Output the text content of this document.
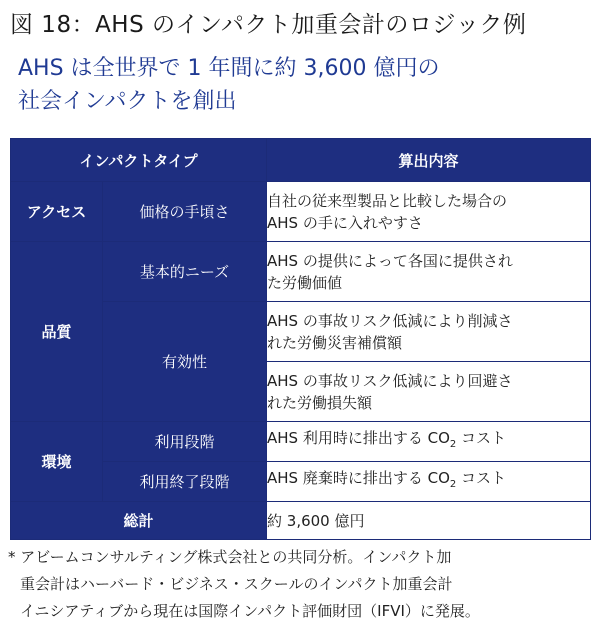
図 18：AHS のインパクト加重会計のロジック例
AHS は全世界で 1 年間に約 3,600 億円の
社会インパクトを創出
インパクトタイプ		算出内容
アクセス	価格の手頃さ	自社の従来型製品と比較した場合の
AHS の手に入れやすさ

品質	基本的ニーズ	AHS の提供によって各国に提供され
た労働価値

	有効性	AHS の事故リスク低減により削減さ
れた労働災害補償額

		AHS の事故リスク低減により回避さ
れた労働損失額

環境	利用段階	AHS 利用時に排出する $CO_2$ コスト
	利用終了段階	AHS 廃棄時に排出する $CO_2$ コスト
総計		約 3,600 億円
* アビームコンサルティング株式会社との共同分析。インパクト加
重会計はハーバード・ビジネス・スクールのインパクト加重会計
イニシアティブから現在は国際インパクト評価財団（IFVI）に発展。
